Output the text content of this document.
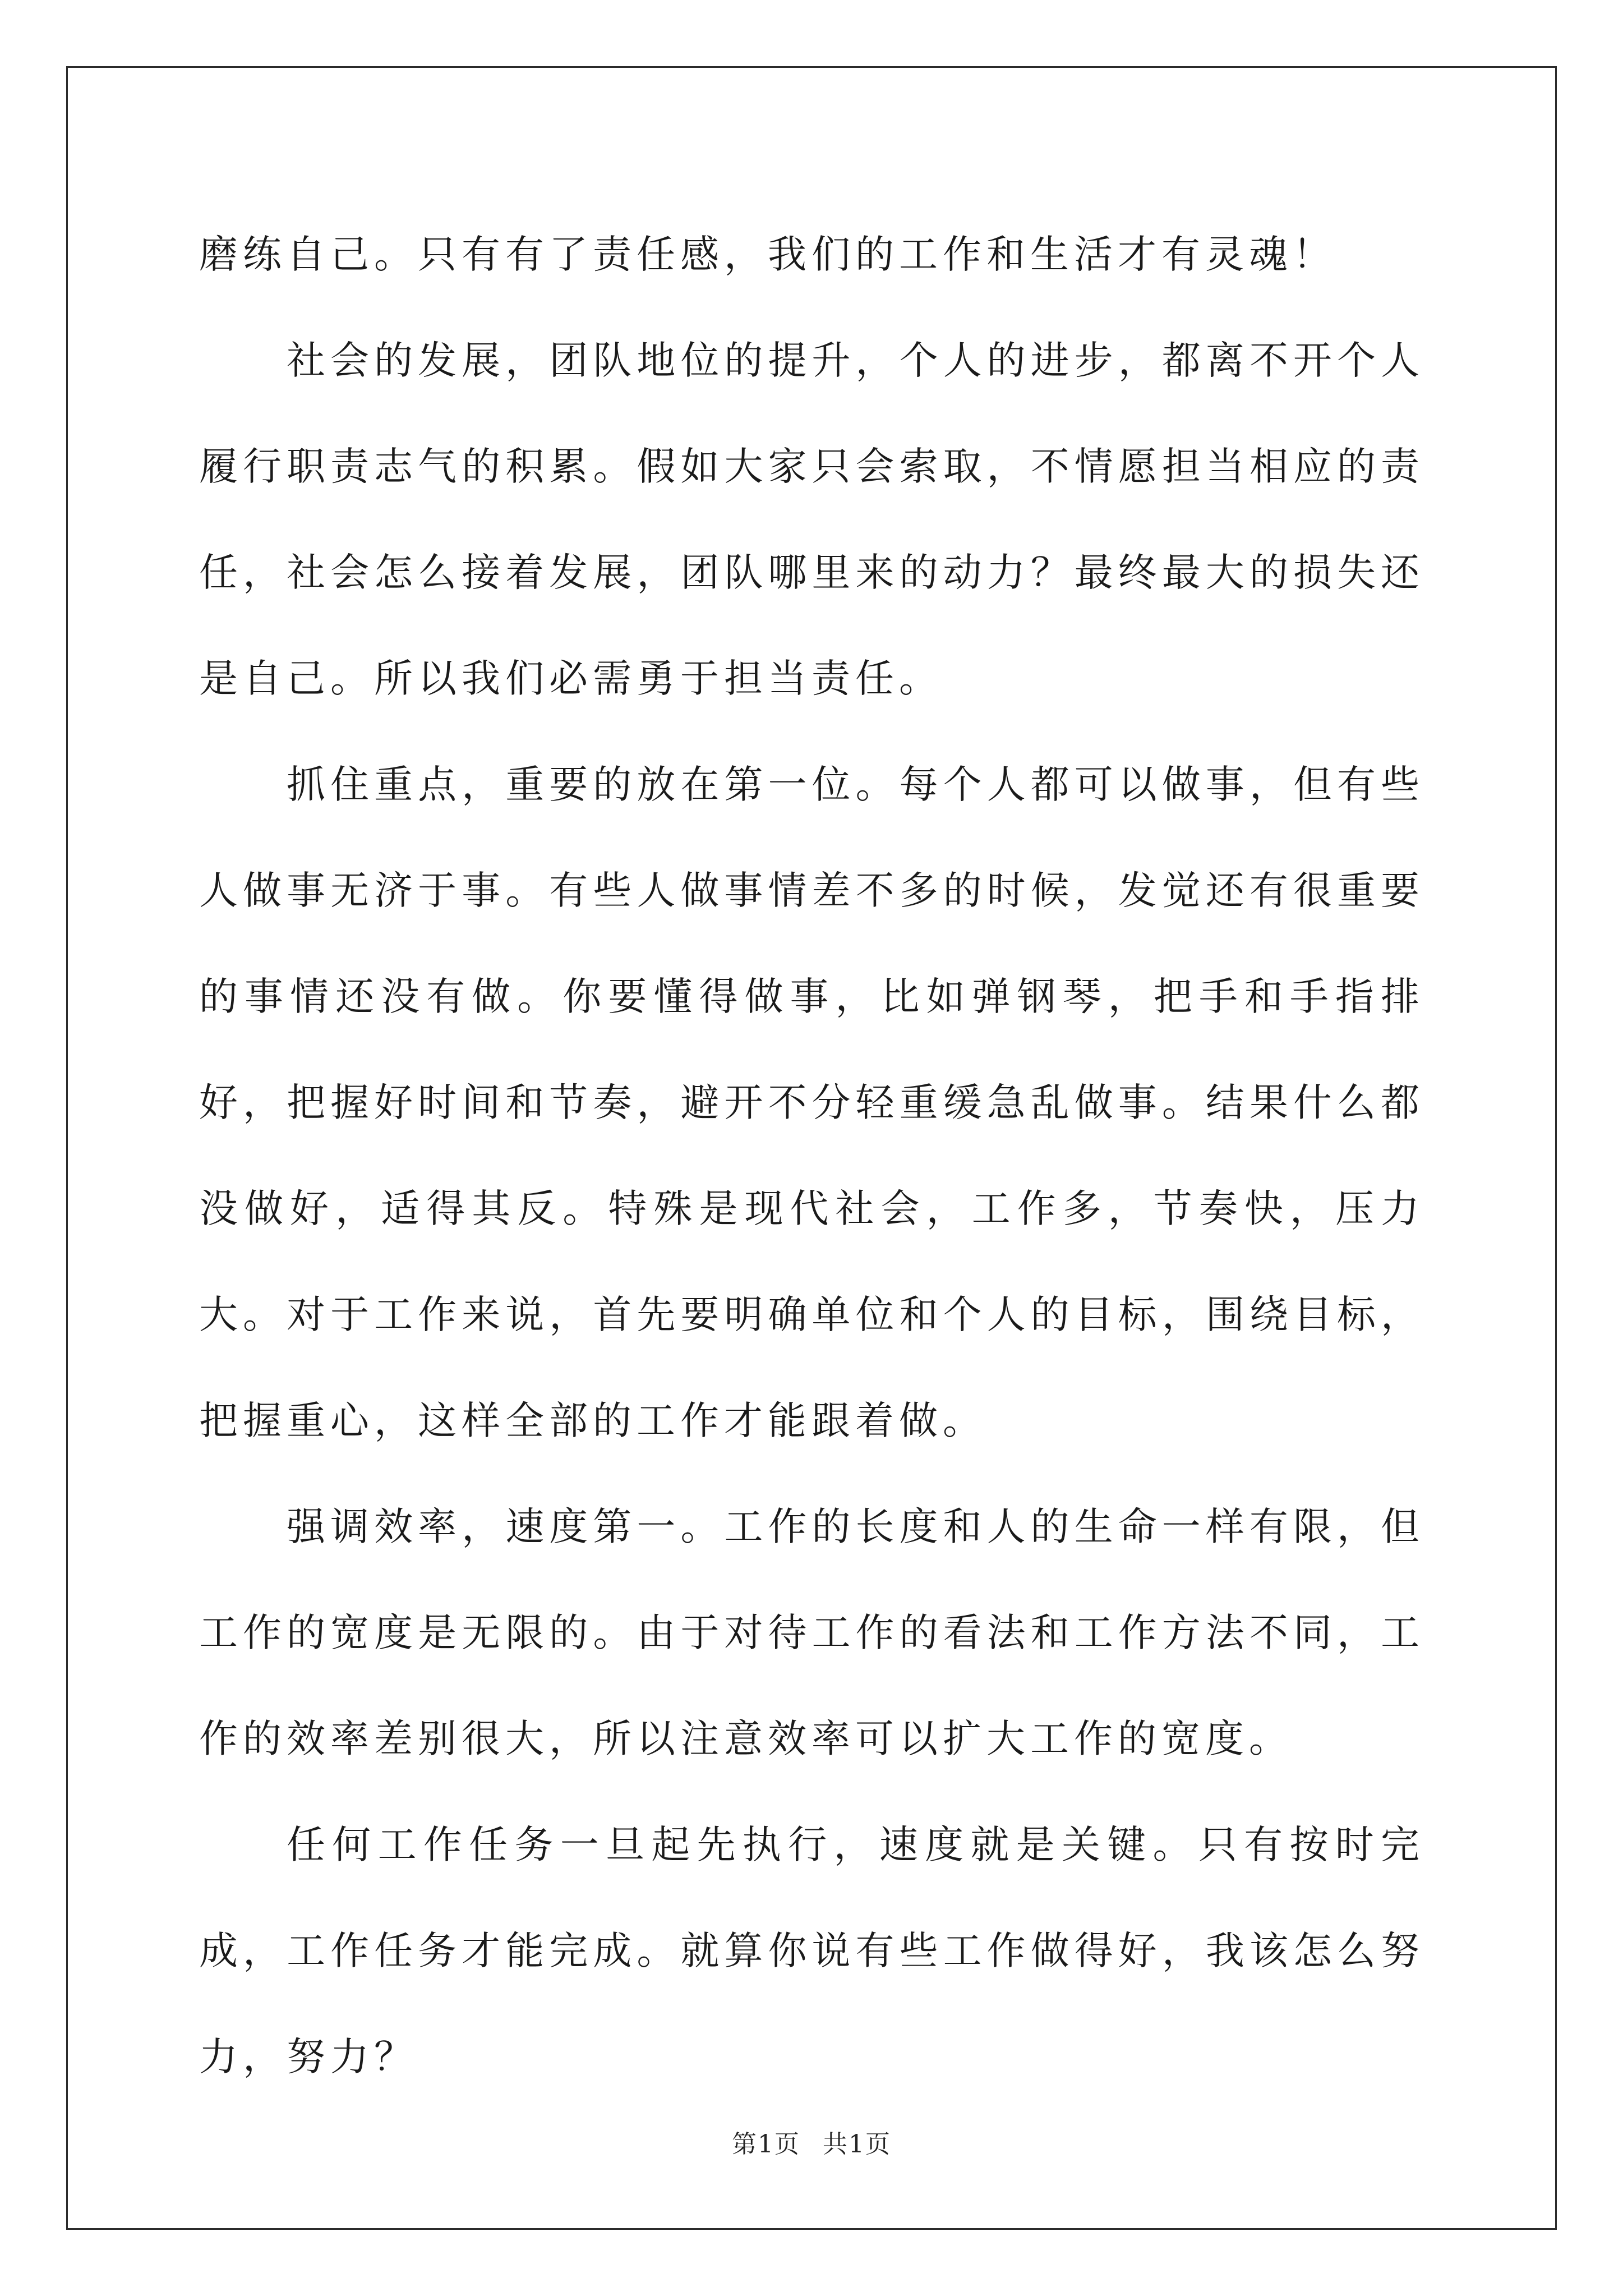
磨练自己。只有有了责任感，我们的工作和生活才有灵魂！

社会的发展，团队地位的提升，个人的进步，都离不开个人履行职责志气的积累。假如大家只会索取，不情愿担当相应的责任，社会怎么接着发展，团队哪里来的动力？最终最大的损失还是自己。所以我们必需勇于担当责任。

抓住重点，重要的放在第一位。每个人都可以做事，但有些人做事无济于事。有些人做事情差不多的时候，发觉还有很重要的事情还没有做。你要懂得做事，比如弹钢琴，把手和手指排好，把握好时间和节奏，避开不分轻重缓急乱做事。结果什么都没做好，适得其反。特殊是现代社会，工作多，节奏快，压力大。对于工作来说，首先要明确单位和个人的目标，围绕目标，把握重心，这样全部的工作才能跟着做。

强调效率，速度第一。工作的长度和人的生命一样有限，但工作的宽度是无限的。由于对待工作的看法和工作方法不同，工作的效率差别很大，所以注意效率可以扩大工作的宽度。

任何工作任务一旦起先执行，速度就是关键。只有按时完成，工作任务才能完成。就算你说有些工作做得好，我该怎么努力，努力？

第1页 共1页
